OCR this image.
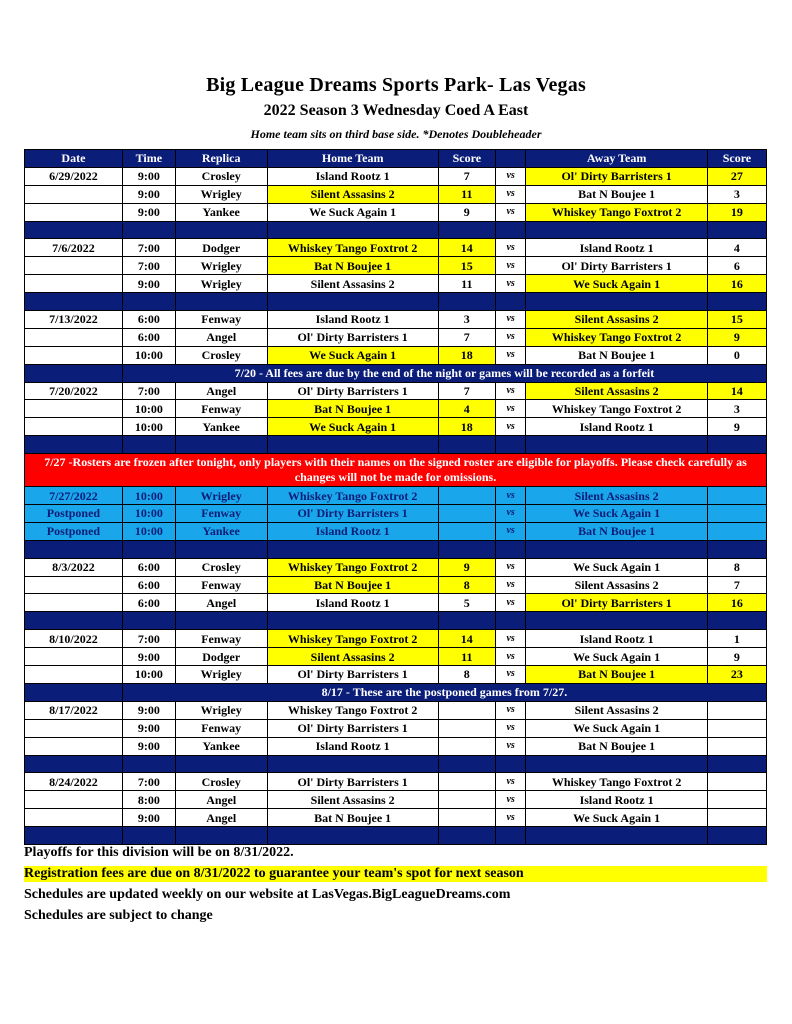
Big League Dreams Sports Park- Las Vegas
2022 Season 3 Wednesday Coed A East
Home team sits on third base side. *Denotes Doubleheader
Date	Time	Replica	Home Team	Score		Away Team	Score
6/29/2022	9:00	Crosley	Island Rootz 1	7	vs	Ol' Dirty Barristers 1	27
	9:00	Wrigley	Silent Assasins 2	11	vs	Bat N Boujee 1	3
	9:00	Yankee	We Suck Again 1	9	vs	Whiskey Tango Foxtrot 2	19

7/6/2022	7:00	Dodger	Whiskey Tango Foxtrot 2	14	vs	Island Rootz 1	4
	7:00	Wrigley	Bat N Boujee 1	15	vs	Ol' Dirty Barristers 1	6
	9:00	Wrigley	Silent Assasins 2	11	vs	We Suck Again 1	16

7/13/2022	6:00	Fenway	Island Rootz 1	3	vs	Silent Assasins 2	15
	6:00	Angel	Ol' Dirty Barristers 1	7	vs	Whiskey Tango Foxtrot 2	9
	10:00	Crosley	We Suck Again 1	18	vs	Bat N Boujee 1	0
	7/20 - All fees are due by the end of the night or games will be recorded as a forfeit						
7/20/2022	7:00	Angel	Ol' Dirty Barristers 1	7	vs	Silent Assasins 2	14
	10:00	Fenway	Bat N Boujee 1	4	vs	Whiskey Tango Foxtrot 2	3
	10:00	Yankee	We Suck Again 1	18	vs	Island Rootz 1	9

7/27 -Rosters are frozen after tonight, only players with their names on the signed roster are eligible for playoffs. Please check carefully as changes will not be made for omissions.							
7/27/2022	10:00	Wrigley	Whiskey Tango Foxtrot 2		vs	Silent Assasins 2	
Postponed	10:00	Fenway	Ol' Dirty Barristers 1		vs	We Suck Again 1	
Postponed	10:00	Yankee	Island Rootz 1		vs	Bat N Boujee 1	

8/3/2022	6:00	Crosley	Whiskey Tango Foxtrot 2	9	vs	We Suck Again 1	8
	6:00	Fenway	Bat N Boujee 1	8	vs	Silent Assasins 2	7
	6:00	Angel	Island Rootz 1	5	vs	Ol' Dirty Barristers 1	16

8/10/2022	7:00	Fenway	Whiskey Tango Foxtrot 2	14	vs	Island Rootz 1	1
	9:00	Dodger	Silent Assasins 2	11	vs	We Suck Again 1	9
	10:00	Wrigley	Ol' Dirty Barristers 1	8	vs	Bat N Boujee 1	23
	8/17 - These are the postponed games from 7/27.						
8/17/2022	9:00	Wrigley	Whiskey Tango Foxtrot 2		vs	Silent Assasins 2	
	9:00	Fenway	Ol' Dirty Barristers 1		vs	We Suck Again 1	
	9:00	Yankee	Island Rootz 1		vs	Bat N Boujee 1	

8/24/2022	7:00	Crosley	Ol' Dirty Barristers 1		vs	Whiskey Tango Foxtrot 2	
	8:00	Angel	Silent Assasins 2		vs	Island Rootz 1	
	9:00	Angel	Bat N Boujee 1		vs	We Suck Again 1	

Playoffs for this division will be on 8/31/2022.
Registration fees are due on 8/31/2022 to guarantee your team's spot for next season
Schedules are updated weekly on our website at LasVegas.BigLeagueDreams.com
Schedules are subject to change
